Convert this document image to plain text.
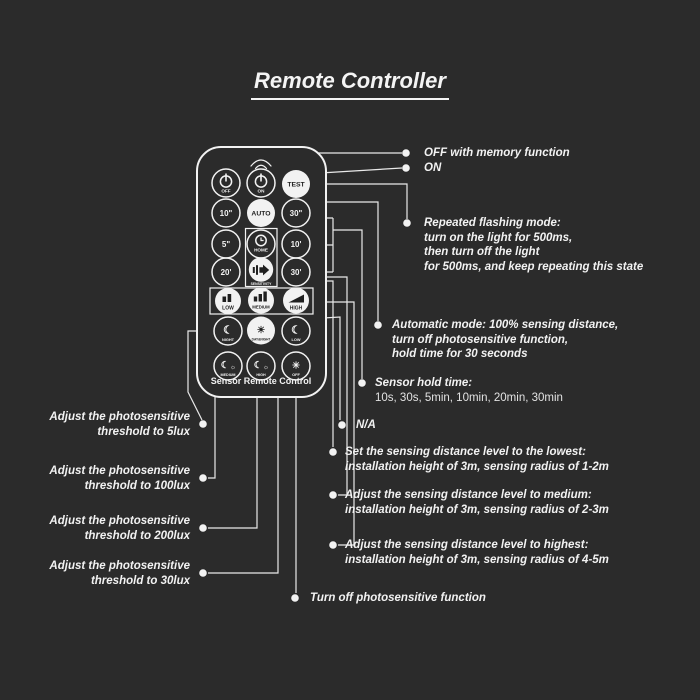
Remote Controller
OFF	ON
TEST
10"	AUTO 30"
5"
HOME
10'
20'
SENSITIVITY
30'
LOW	MEDIUM	HIGH
☾
NIGHT
☀
DAY&NIGHT
☾
LOW
☾ ☼
MEDIUM
☾ ☼
HIGH
☀
OFF
Sensor Remote Control
OFF with memory function
ON
Repeated flashing mode:
turn on the light for 500ms,
then turn off the light
for 500ms, and keep repeating this state
Automatic mode: 100% sensing distance,
turn off photosensitive function,
hold time for 30 seconds
Sensor hold time:
10s, 30s, 5min, 10min, 20min, 30min
N/A
Set the sensing distance level to the lowest:
installation height of 3m, sensing radius of 1-2m
Adjust the sensing distance level to medium:
installation height of 3m, sensing radius of 2-3m
Adjust the sensing distance level to highest:
installation height of 3m, sensing radius of 4-5m
Turn off photosensitive function
Adjust the photosensitive
threshold to 5lux
Adjust the photosensitive
threshold to 100lux
Adjust the photosensitive
threshold to 200lux
Adjust the photosensitive
threshold to 30lux
